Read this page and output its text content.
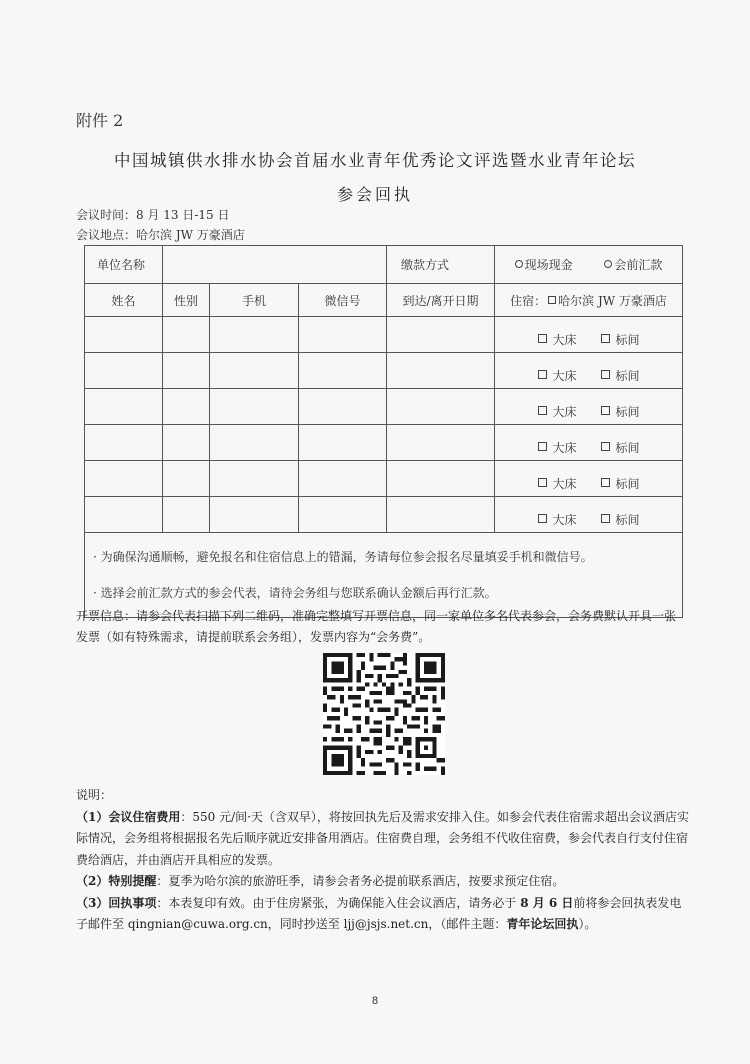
附件 2
中国城镇供水排水协会首届水业青年优秀论文评选暨水业青年论坛
参会回执
会议时间：8 月 13 日-15 日
会议地点：哈尔滨 JW 万豪酒店
单位名称				缴款方式	现场现金 会前汇款
姓名	性别	手机	微信号	到达/离开日期	住宿： 哈尔滨 JW 万豪酒店
					大床 标间
					大床 标间
					大床 标间
					大床 标间
					大床 标间
					大床 标间

· 为确保沟通顺畅，避免报名和住宿信息上的错漏，务请每位参会报名尽量填妥手机和微信号。
· 选择会前汇款方式的参会代表，请待会务组与您联系确认金额后再行汇款。					
开票信息：请参会代表扫描下列二维码，准确完整填写开票信息，同一家单位多名代表参会，会务费默认开具一张发票（如有特殊需求，请提前联系会务组），发票内容为“会务费”。

说明：

（1）会议住宿费用：550 元/间·天（含双早），将按回执先后及需求安排入住。如参会代表住宿需求超出会议酒店实际情况，会务组将根据报名先后顺序就近安排备用酒店。住宿费自理，会务组不代收住宿费，参会代表自行支付住宿费给酒店，并由酒店开具相应的发票。

（2）特别提醒：夏季为哈尔滨的旅游旺季，请参会者务必提前联系酒店，按要求预定住宿。

（3）回执事项：本表复印有效。由于住房紧张，为确保能入住会议酒店，请务必于 8 月 6 日前将参会回执表发电子邮件至 qingnian@cuwa.org.cn，同时抄送至 ljj@jsjs.net.cn，（邮件主题：青年论坛回执）。

8
